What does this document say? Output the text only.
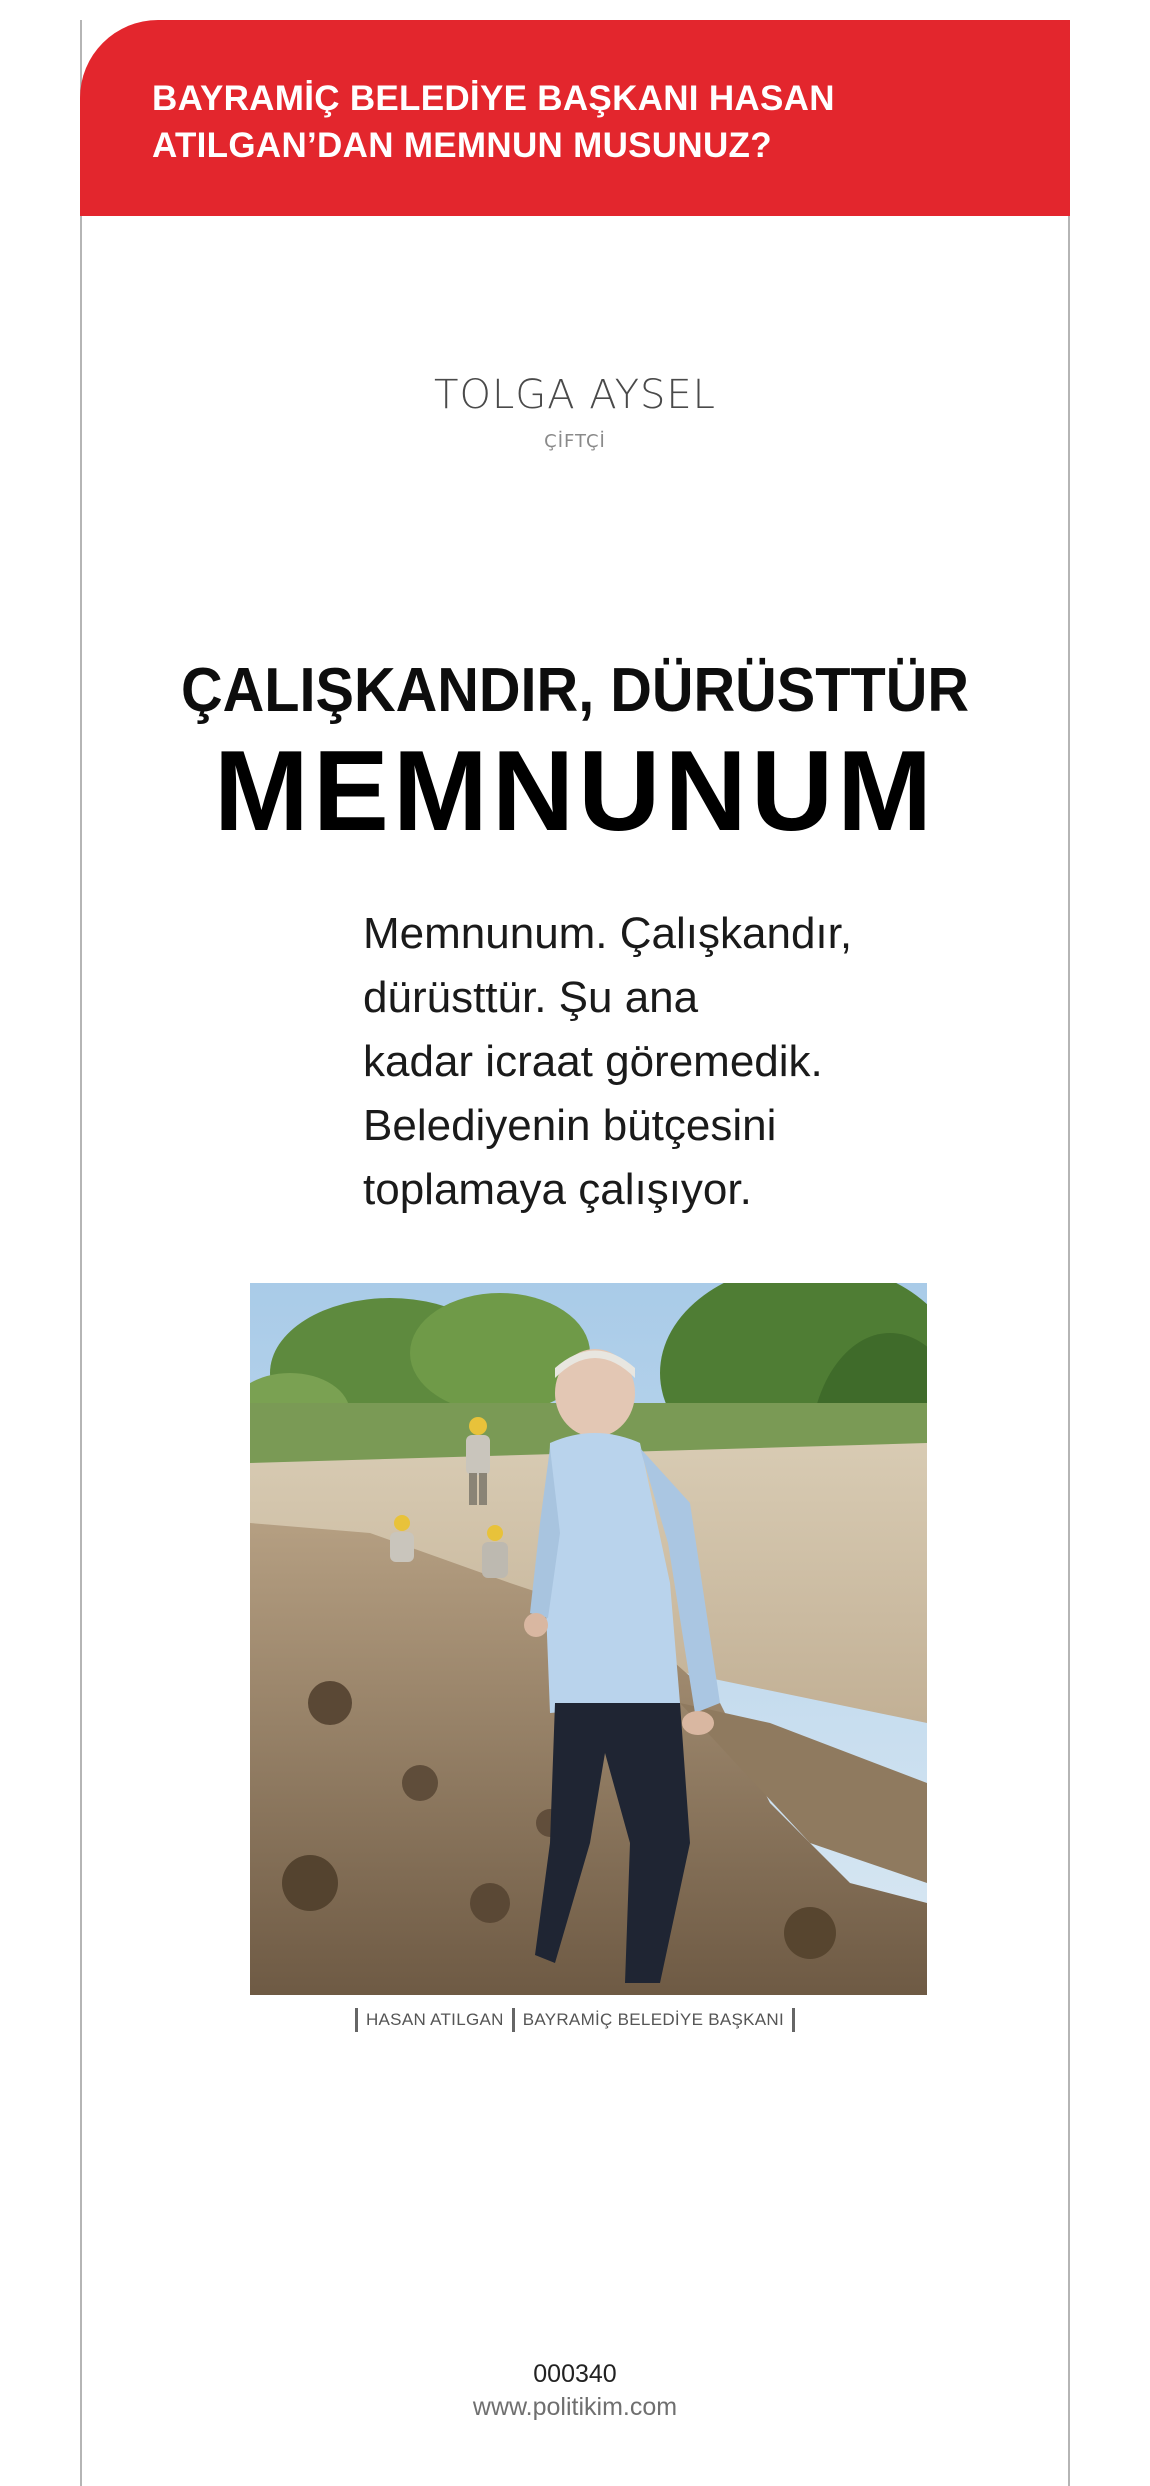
BAYRAMİÇ BELEDİYE BAŞKANI HASAN
ATILGAN’DAN MEMNUN MUSUNUZ?
TOLGA AYSEL
ÇİFTÇİ
ÇALIŞKANDIR, DÜRÜSTTÜR
MEMNUNUM
Memnunum. Çalışkandır,
dürüsttür. Şu ana
kadar icraat göremedik.
Belediyenin bütçesini
toplamaya çalışıyor.
HASAN ATILGAN BAYRAMİÇ BELEDİYE BAŞKANI
000340
www.politikim.com
